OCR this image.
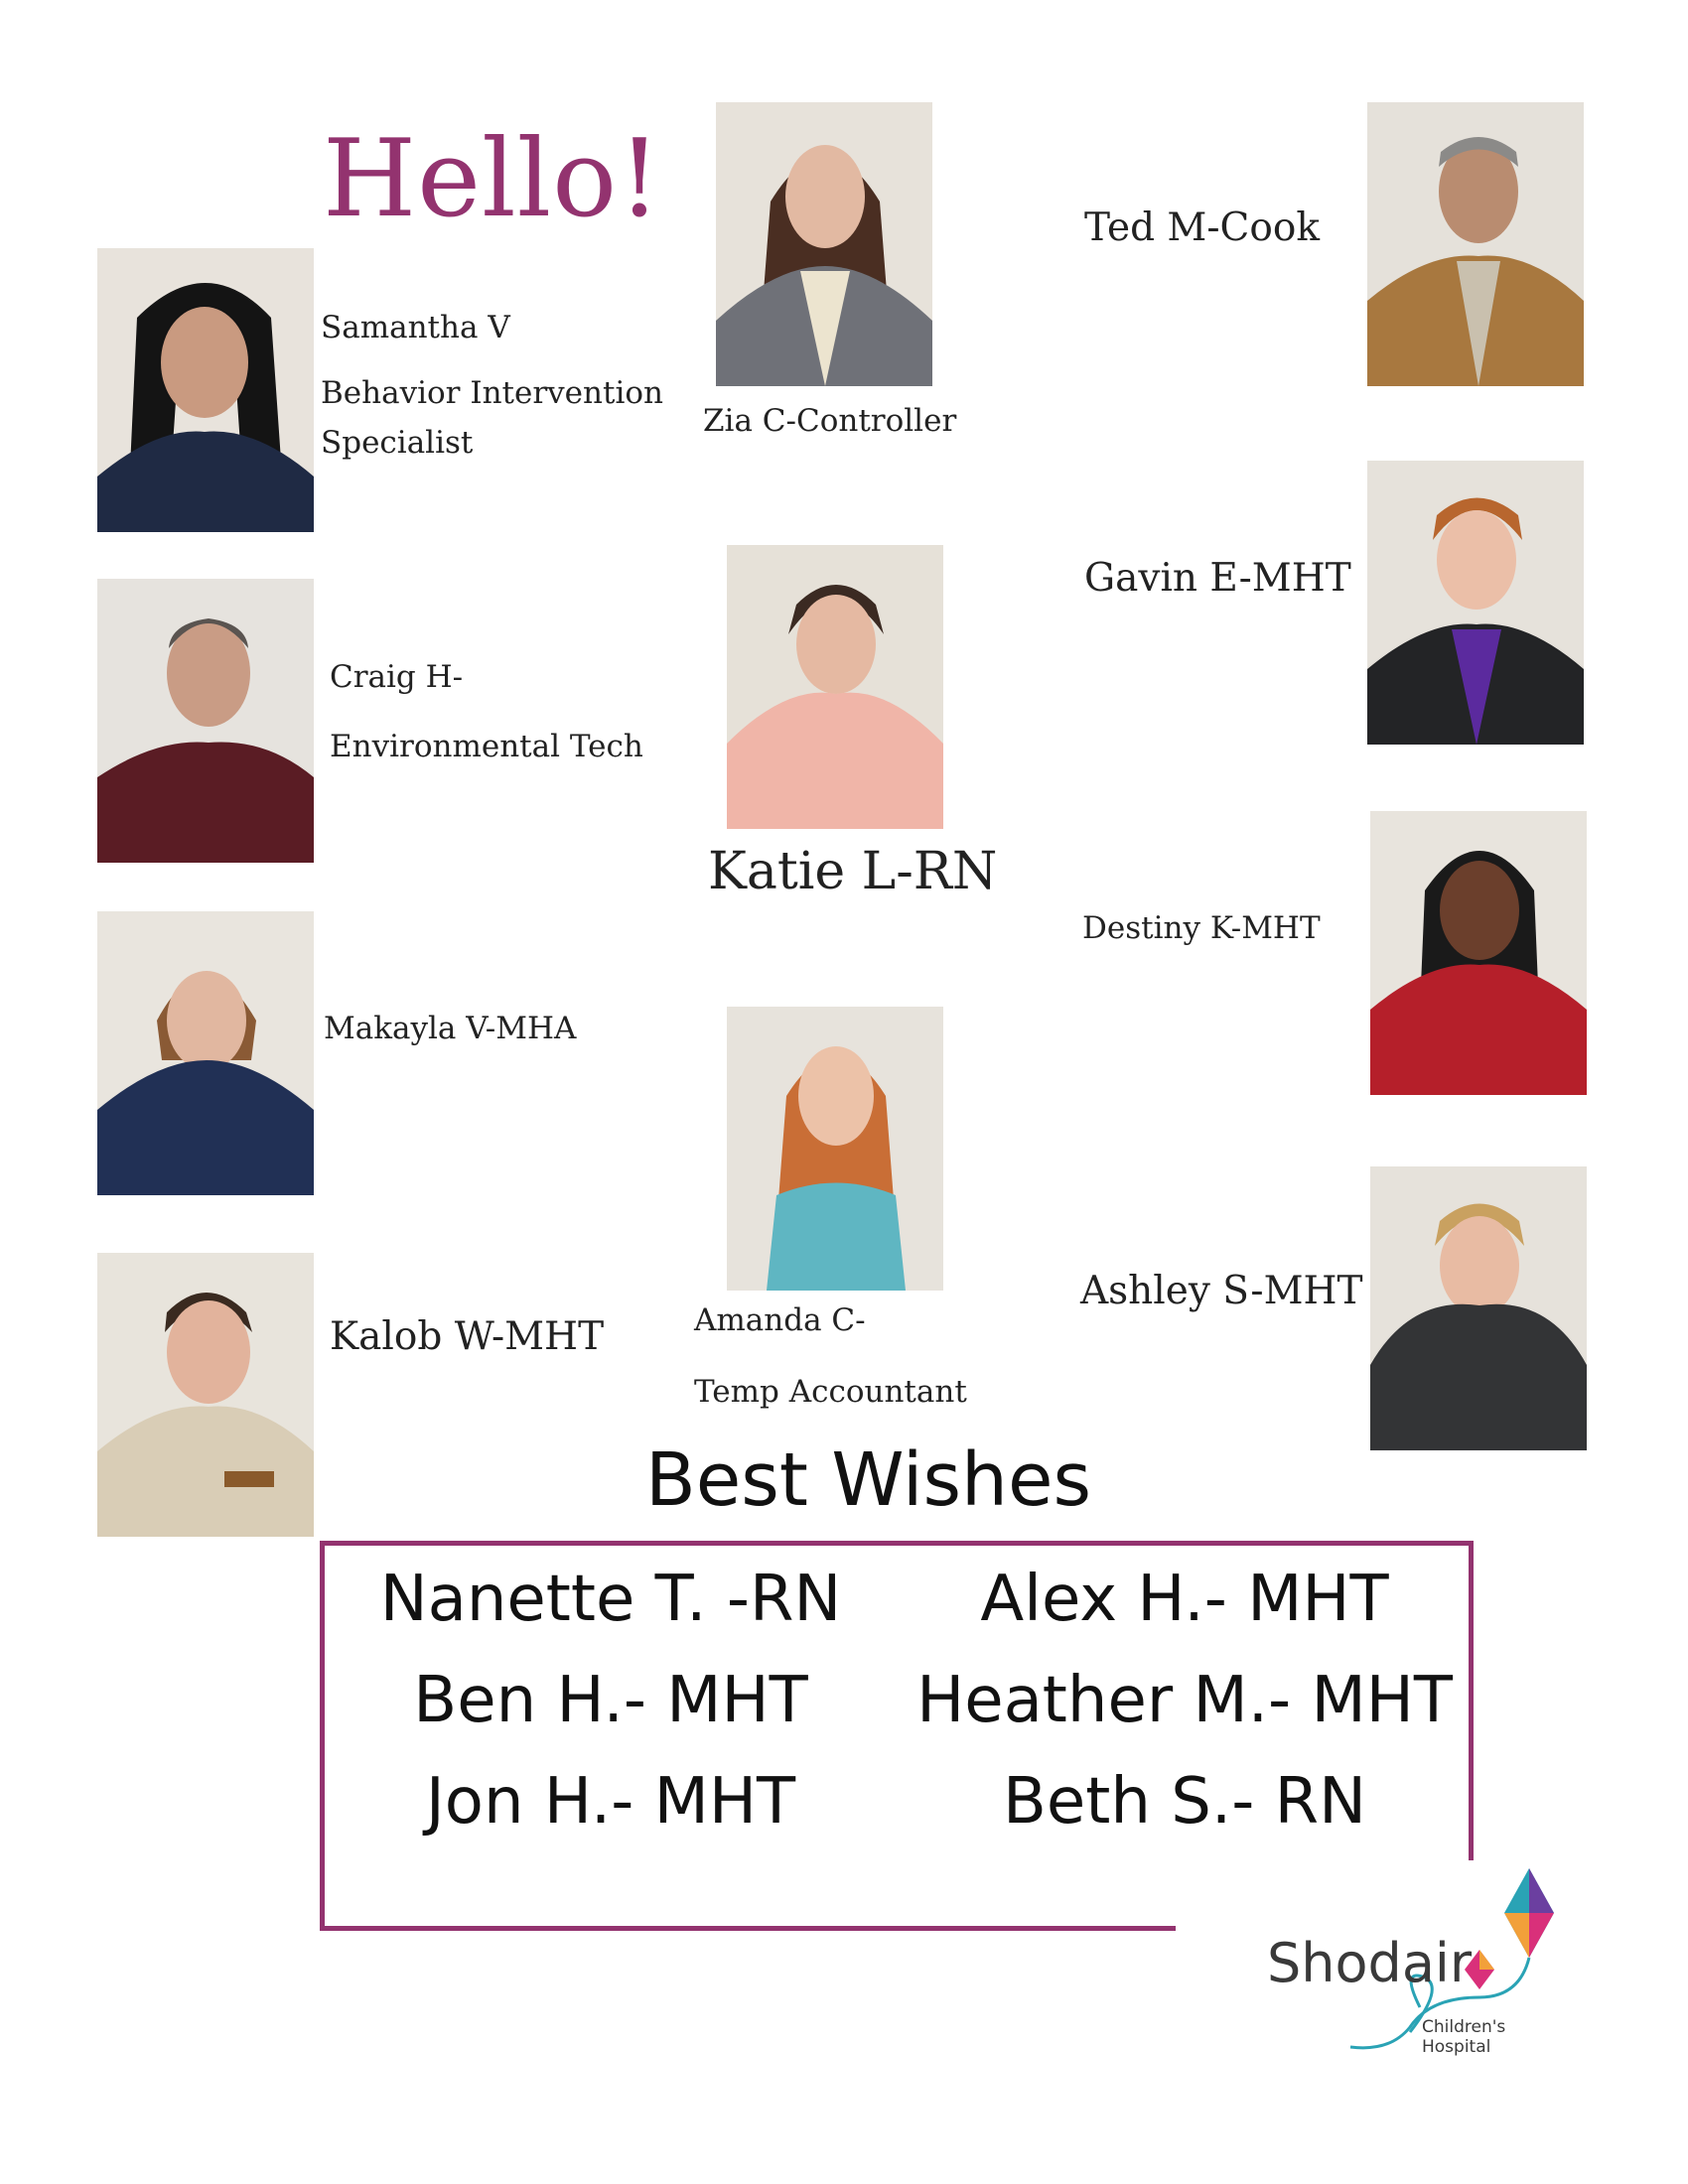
Hello!
Samantha V
Behavior Intervention
Specialist
Craig H-
Environmental Tech
Makayla V-MHA
Kalob W-MHT
Zia C-Controller
Katie L-RN
Amanda C-
Temp Accountant
Ted M-Cook
Gavin E-MHT
Destiny K-MHT
Ashley S-MHT
Best Wishes
Nanette T. -RN	Alex H.- MHT
Ben H.- MHT	Heather M.- MHT
Jon H.- MHT	Beth S.- RN
Shodair
Children's
Hospital
